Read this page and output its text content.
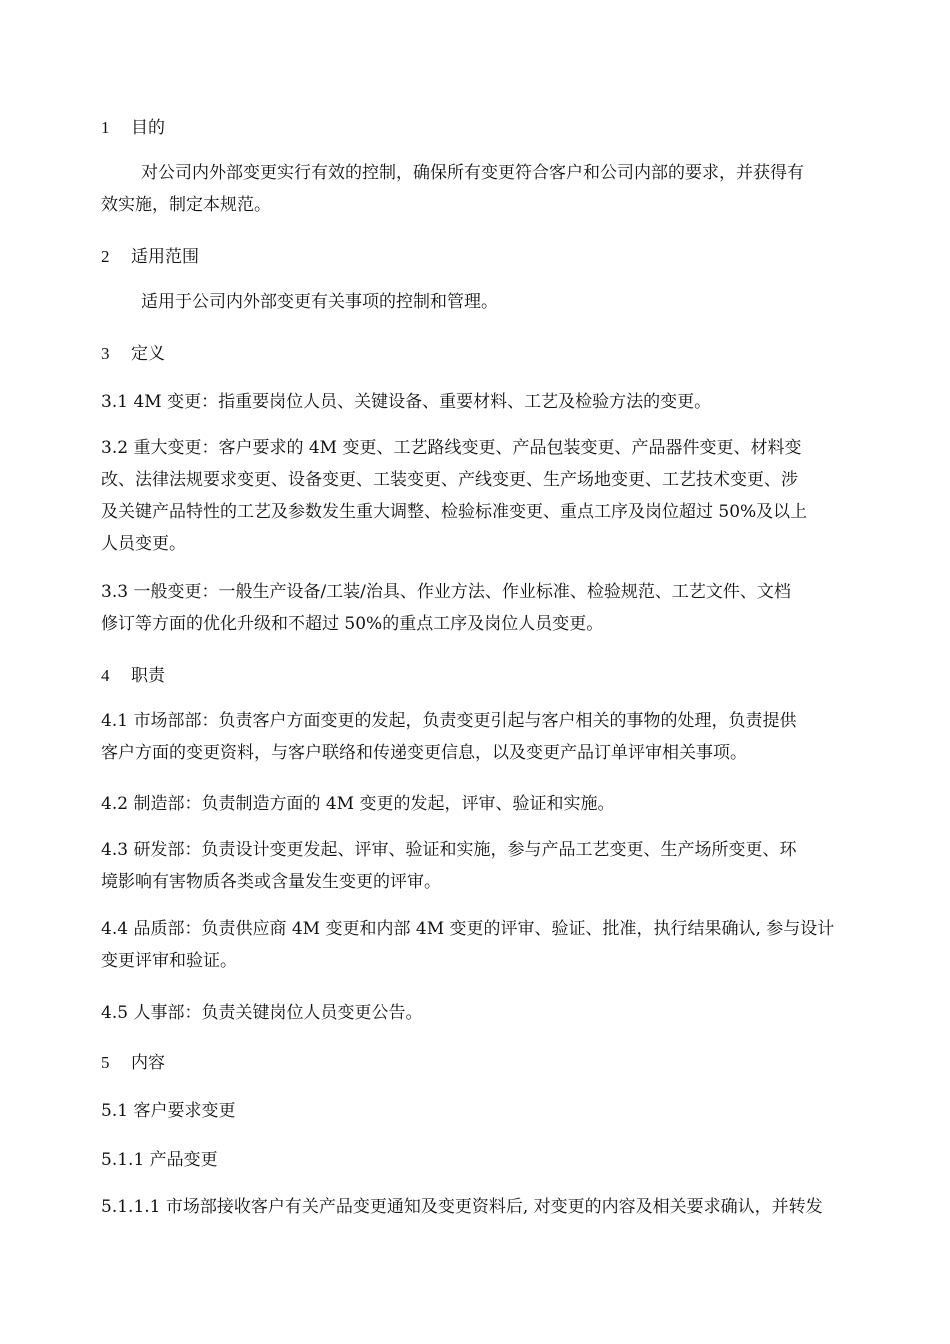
1 目的
对公司内外部变更实行有效的控制，确保所有变更符合客户和公司内部的要求，并获得有
效实施，制定本规范。
2 适用范围
适用于公司内外部变更有关事项的控制和管理。
3 定义
3.1 4M 变更：指重要岗位人员、关键设备、重要材料、工艺及检验方法的变更。
3.2 重大变更：客户要求的 4M 变更、工艺路线变更、产品包装变更、产品器件变更、材料变
改、法律法规要求变更、设备变更、工装变更、产线变更、生产场地变更、工艺技术变更、涉
及关键产品特性的工艺及参数发生重大调整、检验标准变更、重点工序及岗位超过 50%及以上
人员变更。
3.3 一般变更：一般生产设备/工装/治具、作业方法、作业标准、检验规范、工艺文件、文档
修订等方面的优化升级和不超过 50%的重点工序及岗位人员变更。
4 职责
4.1 市场部部：负责客户方面变更的发起，负责变更引起与客户相关的事物的处理，负责提供
客户方面的变更资料，与客户联络和传递变更信息，以及变更产品订单评审相关事项。
4.2 制造部：负责制造方面的 4M 变更的发起，评审、验证和实施。
4.3 研发部：负责设计变更发起、评审、验证和实施，参与产品工艺变更、生产场所变更、环
境影响有害物质各类或含量发生变更的评审。
4.4 品质部：负责供应商 4M 变更和内部 4M 变更的评审、验证、批准，执行结果确认, 参与设计
变更评审和验证。
4.5 人事部：负责关键岗位人员变更公告。
5 内容
5.1 客户要求变更
5.1.1 产品变更
5.1.1.1 市场部接收客户有关产品变更通知及变更资料后, 对变更的内容及相关要求确认，并转发
